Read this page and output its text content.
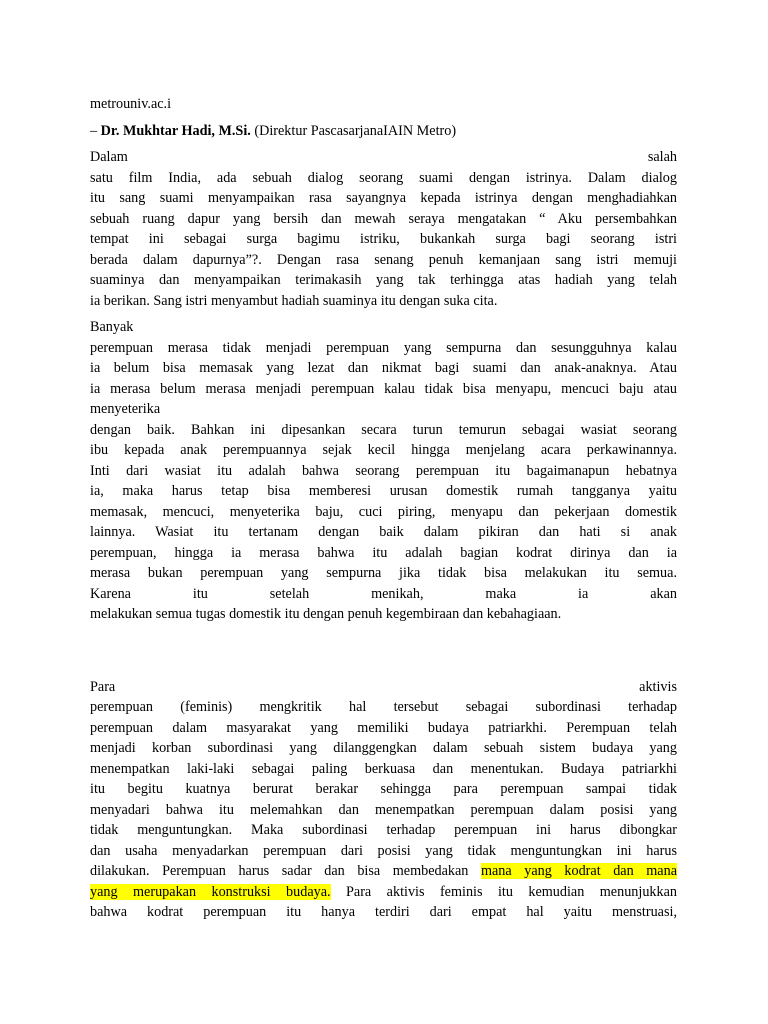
metrouniv.ac.i
– Dr. Mukhtar Hadi, M.Si. (Direktur PascasarjanaIAIN Metro)
Dalam salah
satu film India, ada sebuah dialog seorang suami dengan istrinya. Dalam dialog
itu sang suami menyampaikan rasa sayangnya kepada istrinya dengan menghadiahkan
sebuah ruang dapur yang bersih dan mewah seraya mengatakan “ Aku persembahkan
tempat ini sebagai surga bagimu istriku, bukankah surga bagi seorang istri
berada dalam dapurnya”?. Dengan rasa senang penuh kemanjaan sang istri memuji
suaminya dan menyampaikan terimakasih yang tak terhingga atas hadiah yang telah
ia berikan. Sang istri menyambut hadiah suaminya itu dengan suka cita.
Banyak
perempuan merasa tidak menjadi perempuan yang sempurna dan sesungguhnya kalau
ia belum bisa memasak yang lezat dan nikmat bagi suami dan anak-anaknya. Atau
ia merasa belum merasa menjadi perempuan kalau tidak bisa menyapu, mencuci baju atau
menyeterika
dengan baik. Bahkan ini dipesankan secara turun temurun sebagai wasiat seorang
ibu kepada anak perempuannya sejak kecil hingga menjelang acara perkawinannya.
Inti dari wasiat itu adalah bahwa seorang perempuan itu bagaimanapun hebatnya
ia, maka harus tetap bisa memberesi urusan domestik rumah tangganya yaitu
memasak, mencuci, menyeterika baju, cuci piring, menyapu dan pekerjaan domestik
lainnya. Wasiat itu tertanam dengan baik dalam pikiran dan hati si anak
perempuan, hingga ia merasa bahwa itu adalah bagian kodrat dirinya dan ia
merasa bukan perempuan yang sempurna jika tidak bisa melakukan itu semua.
Karena itu setelah menikah, maka ia akan
melakukan semua tugas domestik itu dengan penuh kegembiraan dan kebahagiaan.
Para aktivis
perempuan (feminis) mengkritik hal tersebut sebagai subordinasi terhadap
perempuan dalam masyarakat yang memiliki budaya patriarkhi. Perempuan telah
menjadi korban subordinasi yang dilanggengkan dalam sebuah sistem budaya yang
menempatkan laki-laki sebagai paling berkuasa dan menentukan. Budaya patriarkhi
itu begitu kuatnya berurat berakar sehingga para perempuan sampai tidak
menyadari bahwa itu melemahkan dan menempatkan perempuan dalam posisi yang
tidak menguntungkan. Maka subordinasi terhadap perempuan ini harus dibongkar
dan usaha menyadarkan perempuan dari posisi yang tidak menguntungkan ini harus
dilakukan. Perempuan harus sadar dan bisa membedakan mana yang kodrat dan mana
yang merupakan konstruksi budaya. Para aktivis feminis itu kemudian menunjukkan
bahwa kodrat perempuan itu hanya terdiri dari empat hal yaitu menstruasi,
